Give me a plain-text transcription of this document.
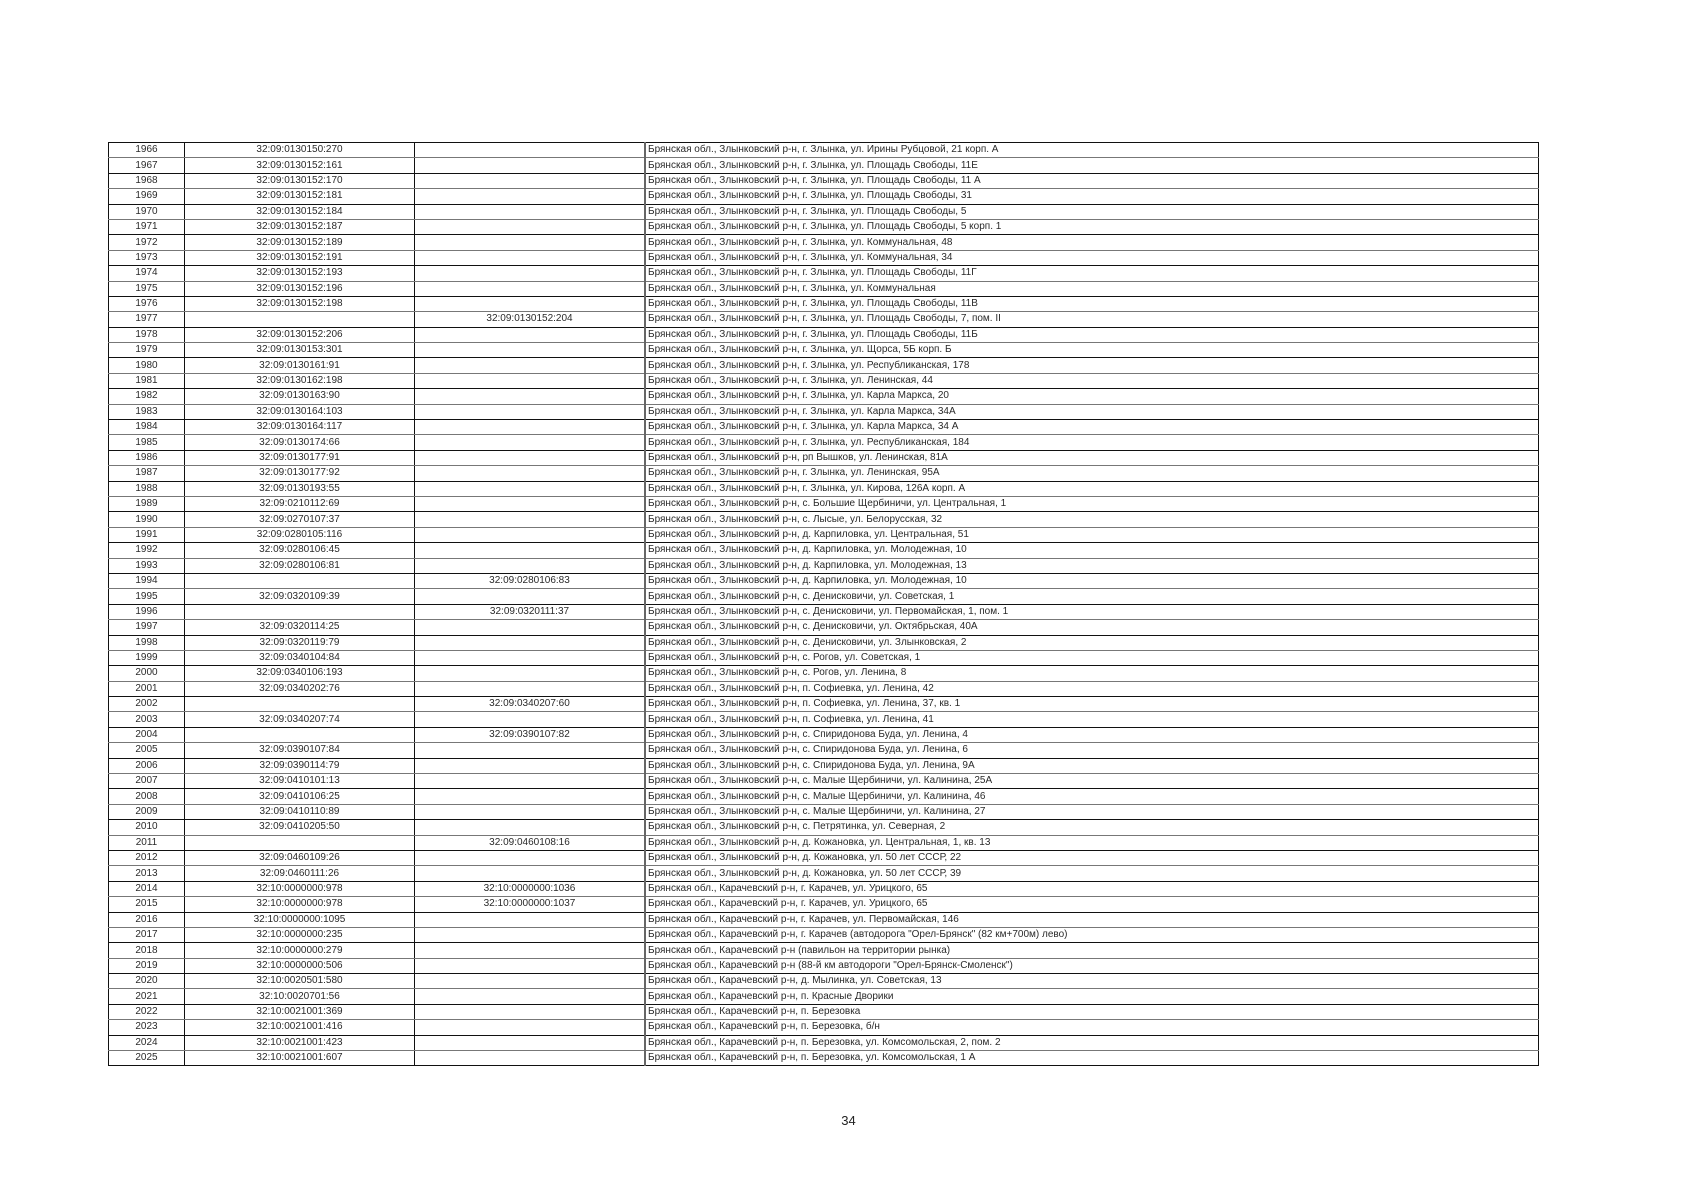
1966	32:09:0130150:270		Брянская обл., Злынковский р-н, г. Злынка, ул. Ирины Рубцовой, 21 корп. А
1967	32:09:0130152:161		Брянская обл., Злынковский р-н, г. Злынка, ул. Площадь Свободы, 11Е
1968	32:09:0130152:170		Брянская обл., Злынковский р-н, г. Злынка, ул. Площадь Свободы, 11 А
1969	32:09:0130152:181		Брянская обл., Злынковский р-н, г. Злынка, ул. Площадь Свободы, 31
1970	32:09:0130152:184		Брянская обл., Злынковский р-н, г. Злынка, ул. Площадь Свободы, 5
1971	32:09:0130152:187		Брянская обл., Злынковский р-н, г. Злынка, ул. Площадь Свободы, 5 корп. 1
1972	32:09:0130152:189		Брянская обл., Злынковский р-н, г. Злынка, ул. Коммунальная, 48
1973	32:09:0130152:191		Брянская обл., Злынковский р-н, г. Злынка, ул. Коммунальная, 34
1974	32:09:0130152:193		Брянская обл., Злынковский р-н, г. Злынка, ул. Площадь Свободы, 11Г
1975	32:09:0130152:196		Брянская обл., Злынковский р-н, г. Злынка, ул. Коммунальная
1976	32:09:0130152:198		Брянская обл., Злынковский р-н, г. Злынка, ул. Площадь Свободы, 11В
1977		32:09:0130152:204	Брянская обл., Злынковский р-н, г. Злынка, ул. Площадь Свободы, 7, пом. II
1978	32:09:0130152:206		Брянская обл., Злынковский р-н, г. Злынка, ул. Площадь Свободы, 11Б
1979	32:09:0130153:301		Брянская обл., Злынковский р-н, г. Злынка, ул. Щорса, 5Б корп. Б
1980	32:09:0130161:91		Брянская обл., Злынковский р-н, г. Злынка, ул. Республиканская, 178
1981	32:09:0130162:198		Брянская обл., Злынковский р-н, г. Злынка, ул. Ленинская, 44
1982	32:09:0130163:90		Брянская обл., Злынковский р-н, г. Злынка, ул. Карла Маркса, 20
1983	32:09:0130164:103		Брянская обл., Злынковский р-н, г. Злынка, ул. Карла Маркса, 34А
1984	32:09:0130164:117		Брянская обл., Злынковский р-н, г. Злынка, ул. Карла Маркса, 34 А
1985	32:09:0130174:66		Брянская обл., Злынковский р-н, г. Злынка, ул. Республиканская, 184
1986	32:09:0130177:91		Брянская обл., Злынковский р-н, рп Вышков, ул. Ленинская, 81А
1987	32:09:0130177:92		Брянская обл., Злынковский р-н, г. Злынка, ул. Ленинская, 95А
1988	32:09:0130193:55		Брянская обл., Злынковский р-н, г. Злынка, ул. Кирова, 126А корп. А
1989	32:09:0210112:69		Брянская обл., Злынковский р-н, с. Большие Щербиничи, ул. Центральная, 1
1990	32:09:0270107:37		Брянская обл., Злынковский р-н, с. Лысые, ул. Белорусская, 32
1991	32:09:0280105:116		Брянская обл., Злынковский р-н, д. Карпиловка, ул. Центральная, 51
1992	32:09:0280106:45		Брянская обл., Злынковский р-н, д. Карпиловка, ул. Молодежная, 10
1993	32:09:0280106:81		Брянская обл., Злынковский р-н, д. Карпиловка, ул. Молодежная, 13
1994		32:09:0280106:83	Брянская обл., Злынковский р-н, д. Карпиловка, ул. Молодежная, 10
1995	32:09:0320109:39		Брянская обл., Злынковский р-н, с. Денисковичи, ул. Советская, 1
1996		32:09:0320111:37	Брянская обл., Злынковский р-н, с. Денисковичи, ул. Первомайская, 1, пом. 1
1997	32:09:0320114:25		Брянская обл., Злынковский р-н, с. Денисковичи, ул. Октябрьская, 40А
1998	32:09:0320119:79		Брянская обл., Злынковский р-н, с. Денисковичи, ул. Злынковская, 2
1999	32:09:0340104:84		Брянская обл., Злынковский р-н, с. Рогов, ул. Советская, 1
2000	32:09:0340106:193		Брянская обл., Злынковский р-н, с. Рогов, ул. Ленина, 8
2001	32:09:0340202:76		Брянская обл., Злынковский р-н, п. Софиевка, ул. Ленина, 42
2002		32:09:0340207:60	Брянская обл., Злынковский р-н, п. Софиевка, ул. Ленина, 37, кв. 1
2003	32:09:0340207:74		Брянская обл., Злынковский р-н, п. Софиевка, ул. Ленина, 41
2004		32:09:0390107:82	Брянская обл., Злынковский р-н, с. Спиридонова Буда, ул. Ленина, 4
2005	32:09:0390107:84		Брянская обл., Злынковский р-н, с. Спиридонова Буда, ул. Ленина, 6
2006	32:09:0390114:79		Брянская обл., Злынковский р-н, с. Спиридонова Буда, ул. Ленина, 9А
2007	32:09:0410101:13		Брянская обл., Злынковский р-н, с. Малые Щербиничи, ул. Калинина, 25А
2008	32:09:0410106:25		Брянская обл., Злынковский р-н, с. Малые Щербиничи, ул. Калинина, 46
2009	32:09:0410110:89		Брянская обл., Злынковский р-н, с. Малые Щербиничи, ул. Калинина, 27
2010	32:09:0410205:50		Брянская обл., Злынковский р-н, с. Петрятинка, ул. Северная, 2
2011		32:09:0460108:16	Брянская обл., Злынковский р-н, д. Кожановка, ул. Центральная, 1, кв. 13
2012	32:09:0460109:26		Брянская обл., Злынковский р-н, д. Кожановка, ул. 50 лет СССР, 22
2013	32:09:0460111:26		Брянская обл., Злынковский р-н, д. Кожановка, ул. 50 лет СССР, 39
2014	32:10:0000000:978	32:10:0000000:1036	Брянская обл., Карачевский р-н, г. Карачев, ул. Урицкого, 65
2015	32:10:0000000:978	32:10:0000000:1037	Брянская обл., Карачевский р-н, г. Карачев, ул. Урицкого, 65
2016	32:10:0000000:1095		Брянская обл., Карачевский р-н, г. Карачев, ул. Первомайская, 146
2017	32:10:0000000:235		Брянская обл., Карачевский р-н, г. Карачев (автодорога "Орел-Брянск" (82 км+700м) лево)
2018	32:10:0000000:279		Брянская обл., Карачевский р-н (павильон на территории рынка)
2019	32:10:0000000:506		Брянская обл., Карачевский р-н (88-й км автодороги "Орел-Брянск-Смоленск")
2020	32:10:0020501:580		Брянская обл., Карачевский р-н, д. Мылинка, ул. Советская, 13
2021	32:10:0020701:56		Брянская обл., Карачевский р-н, п. Красные Дворики
2022	32:10:0021001:369		Брянская обл., Карачевский р-н, п. Березовка
2023	32:10:0021001:416		Брянская обл., Карачевский р-н, п. Березовка, б/н
2024	32:10:0021001:423		Брянская обл., Карачевский р-н, п. Березовка, ул. Комсомольская, 2, пом. 2
2025	32:10:0021001:607		Брянская обл., Карачевский р-н, п. Березовка, ул. Комсомольская, 1 А
34
